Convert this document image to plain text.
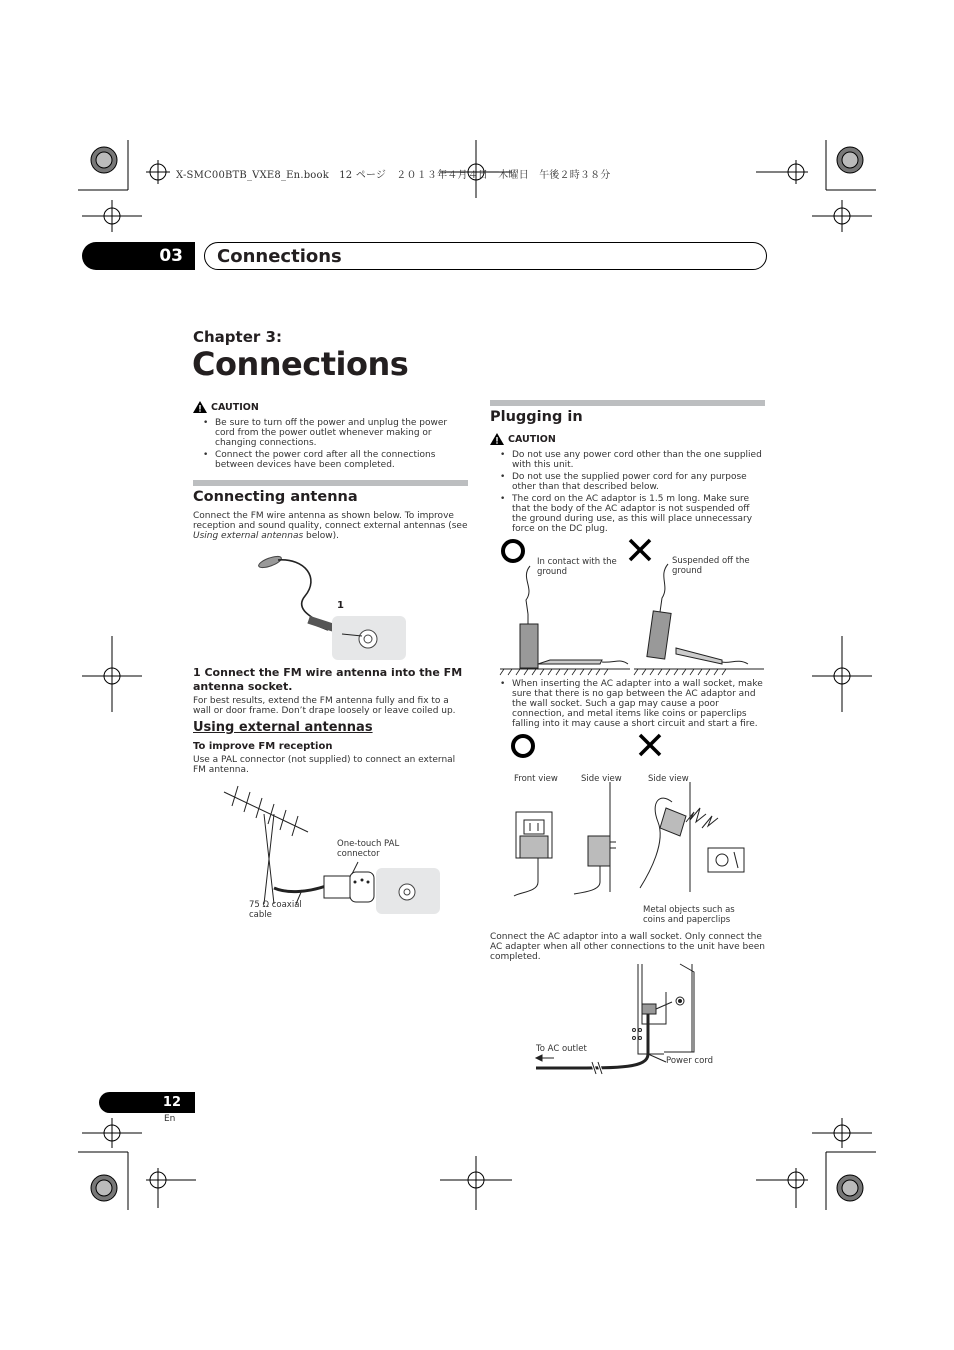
X-SMC00BTB_VXE8_En.book　12 ページ　２０１３年４月４日　木曜日　午後２時３８分
03	Connections
Chapter 3:
Connections
CAUTION
• Be sure to turn off the power and unplug the power cord from the power outlet whenever making or changing connections.
• Connect the power cord after all the connections between devices have been completed.
Connecting antenna
Connect the FM wire antenna as shown below. To improve reception and sound quality, connect external antennas (see Using external antennas below).
1
1 Connect the FM wire antenna into the FM antenna socket.
For best results, extend the FM antenna fully and fix to a wall or door frame. Don’t drape loosely or leave coiled up.
Using external antennas
To improve FM reception
Use a PAL connector (not supplied) to connect an external FM antenna.
One-touch PAL connector
75 Ω coaxial cable
Plugging in
CAUTION
• Do not use any power cord other than the one supplied with this unit.
• Do not use the supplied power cord for any purpose other than that described below.
• The cord on the AC adaptor is 1.5 m long. Make sure that the body of the AC adaptor is not suspended off the ground during use, as this will place unnecessary force on the DC plug.
In contact with the ground
Suspended off the ground
• When inserting the AC adapter into a wall socket, make sure that there is no gap between the AC adaptor and the wall socket. Such a gap may cause a poor connection, and metal items like coins or paperclips falling into it may cause a short circuit and start a fire.
Front view	Side view	Side view
Metal objects such as coins and paperclips
Connect the AC adaptor into a wall socket. Only connect the AC adapter when all other connections to the unit have been completed.
To AC outlet
Power cord
12
En
